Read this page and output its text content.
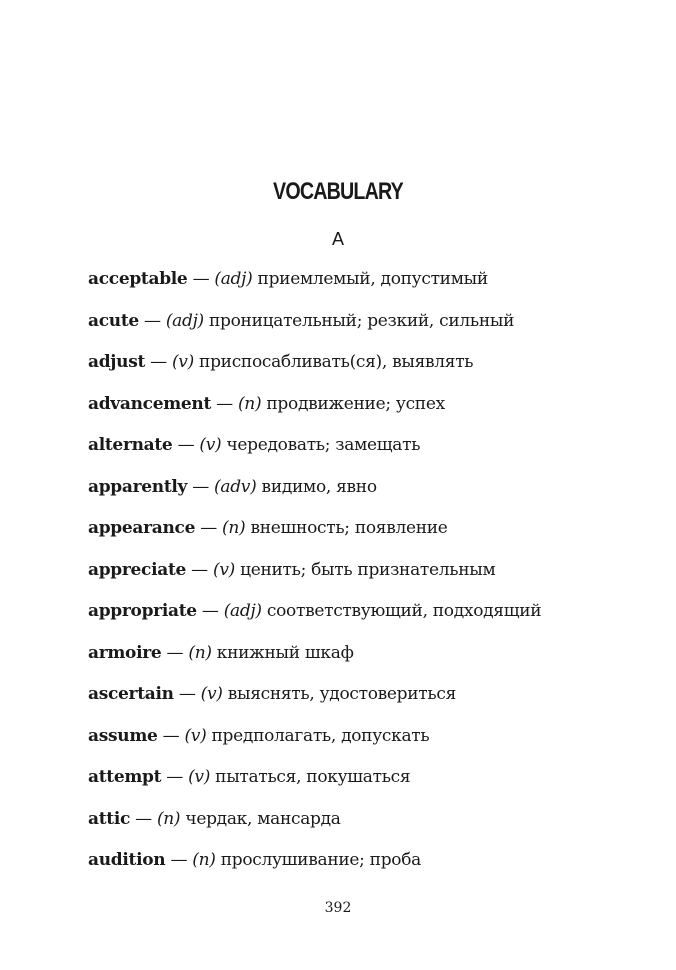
VOCABULARY
A
acceptable — (adj) приемлемый, допустимый
acute — (adj) проницательный; резкий, сильный
adjust — (v) приспосабливать(ся), выявлять
advancement — (n) продвижение; успех
alternate — (v) чередовать; замещать
apparently — (adv) видимо, явно
appearance — (n) внешность; появление
appreciate — (v) ценить; быть признательным
appropriate — (adj) соответствующий, подходящий
armoire — (n) книжный шкаф
ascertain — (v) выяснять, удостовериться
assume — (v) предполагать, допускать
attempt — (v) пытаться, покушаться
attic — (n) чердак, мансарда
audition — (n) прослушивание; проба
392
